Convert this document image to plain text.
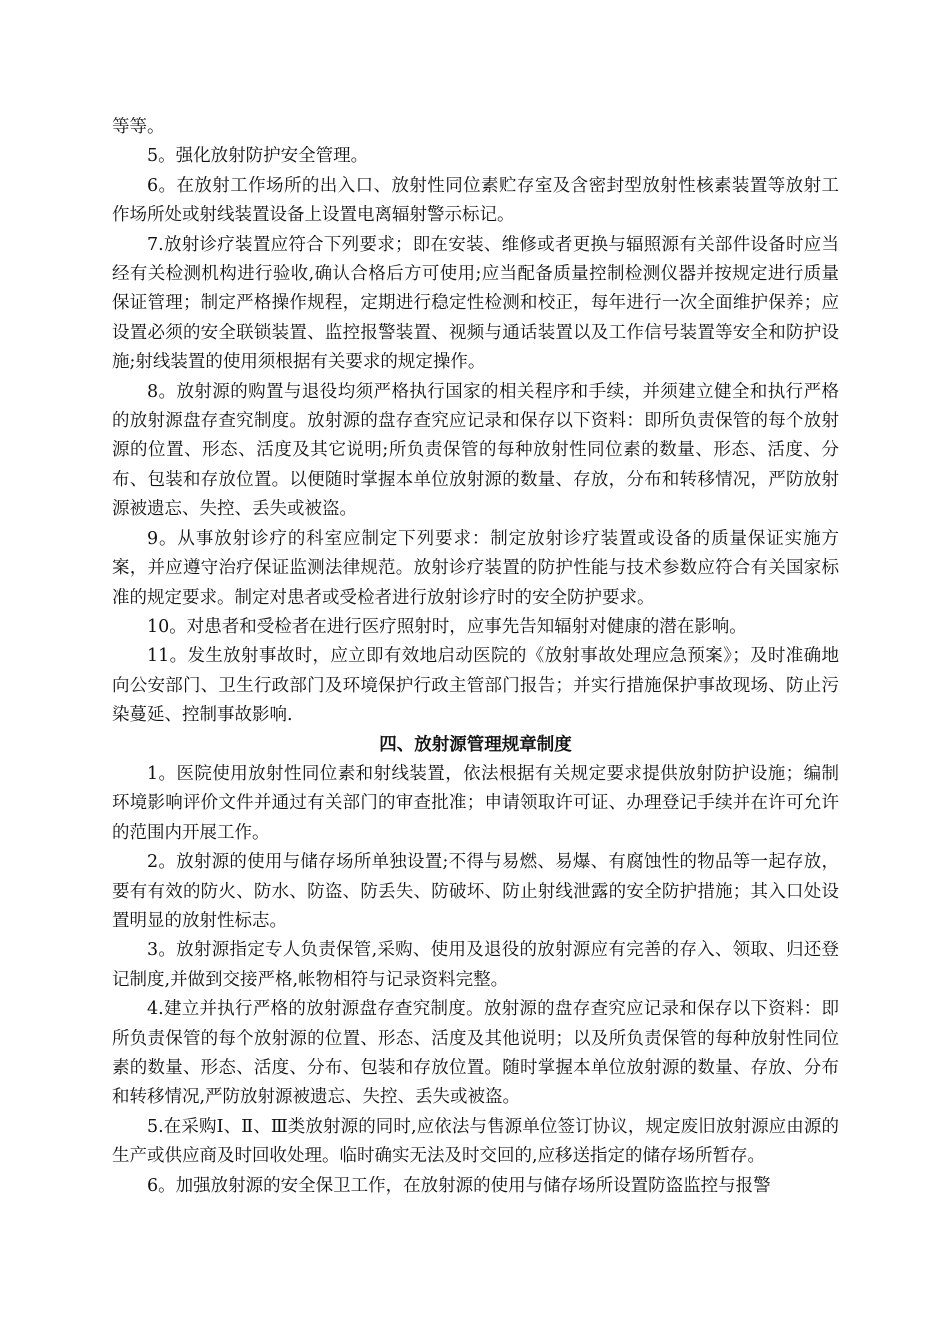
等等。

5。强化放射防护安全管理。

6。在放射工作场所的出入口、放射性同位素贮存室及含密封型放射性核素装置等放射工作场所处或射线装置设备上设置电离辐射警示标记。

7.放射诊疗装置应符合下列要求；即在安装、维修或者更换与辐照源有关部件设备时应当经有关检测机构进行验收,确认合格后方可使用;应当配备质量控制检测仪器并按规定进行质量保证管理；制定严格操作规程，定期进行稳定性检测和校正，每年进行一次全面维护保养；应设置必须的安全联锁装置、监控报警装置、视频与通话装置以及工作信号装置等安全和防护设施;射线装置的使用须根据有关要求的规定操作。

8。放射源的购置与退役均须严格执行国家的相关程序和手续，并须建立健全和执行严格的放射源盘存查究制度。放射源的盘存查究应记录和保存以下资料：即所负责保管的每个放射源的位置、形态、活度及其它说明;所负责保管的每种放射性同位素的数量、形态、活度、分布、包装和存放位置。以便随时掌握本单位放射源的数量、存放，分布和转移情况，严防放射源被遗忘、失控、丢失或被盗。

9。从事放射诊疗的科室应制定下列要求：制定放射诊疗装置或设备的质量保证实施方案，并应遵守治疗保证监测法律规范。放射诊疗装置的防护性能与技术参数应符合有关国家标准的规定要求。制定对患者或受检者进行放射诊疗时的安全防护要求。

10。对患者和受检者在进行医疗照射时，应事先告知辐射对健康的潜在影响。

11。发生放射事故时，应立即有效地启动医院的《放射事故处理应急预案》；及时准确地向公安部门、卫生行政部门及环境保护行政主管部门报告；并实行措施保护事故现场、防止污染蔓延、控制事故影响.

四、放射源管理规章制度

1。医院使用放射性同位素和射线装置，依法根据有关规定要求提供放射防护设施；编制环境影响评价文件并通过有关部门的审查批准；申请领取许可证、办理登记手续并在许可允许的范围内开展工作。

2。放射源的使用与储存场所单独设置;不得与易燃、易爆、有腐蚀性的物品等一起存放，要有有效的防火、防水、防盗、防丢失、防破坏、防止射线泄露的安全防护措施；其入口处设置明显的放射性标志。

3。放射源指定专人负责保管,采购、使用及退役的放射源应有完善的存入、领取、归还登记制度,并做到交接严格,帐物相符与记录资料完整。

4.建立并执行严格的放射源盘存查究制度。放射源的盘存查究应记录和保存以下资料：即所负责保管的每个放射源的位置、形态、活度及其他说明；以及所负责保管的每种放射性同位素的数量、形态、活度、分布、包装和存放位置。随时掌握本单位放射源的数量、存放、分布和转移情况,严防放射源被遗忘、失控、丢失或被盗。

5.在采购Ⅰ、Ⅱ、Ⅲ类放射源的同时,应依法与售源单位签订协议，规定废旧放射源应由源的生产或供应商及时回收处理。临时确实无法及时交回的,应移送指定的储存场所暂存。

6。加强放射源的安全保卫工作，在放射源的使用与储存场所设置防盗监控与报警
